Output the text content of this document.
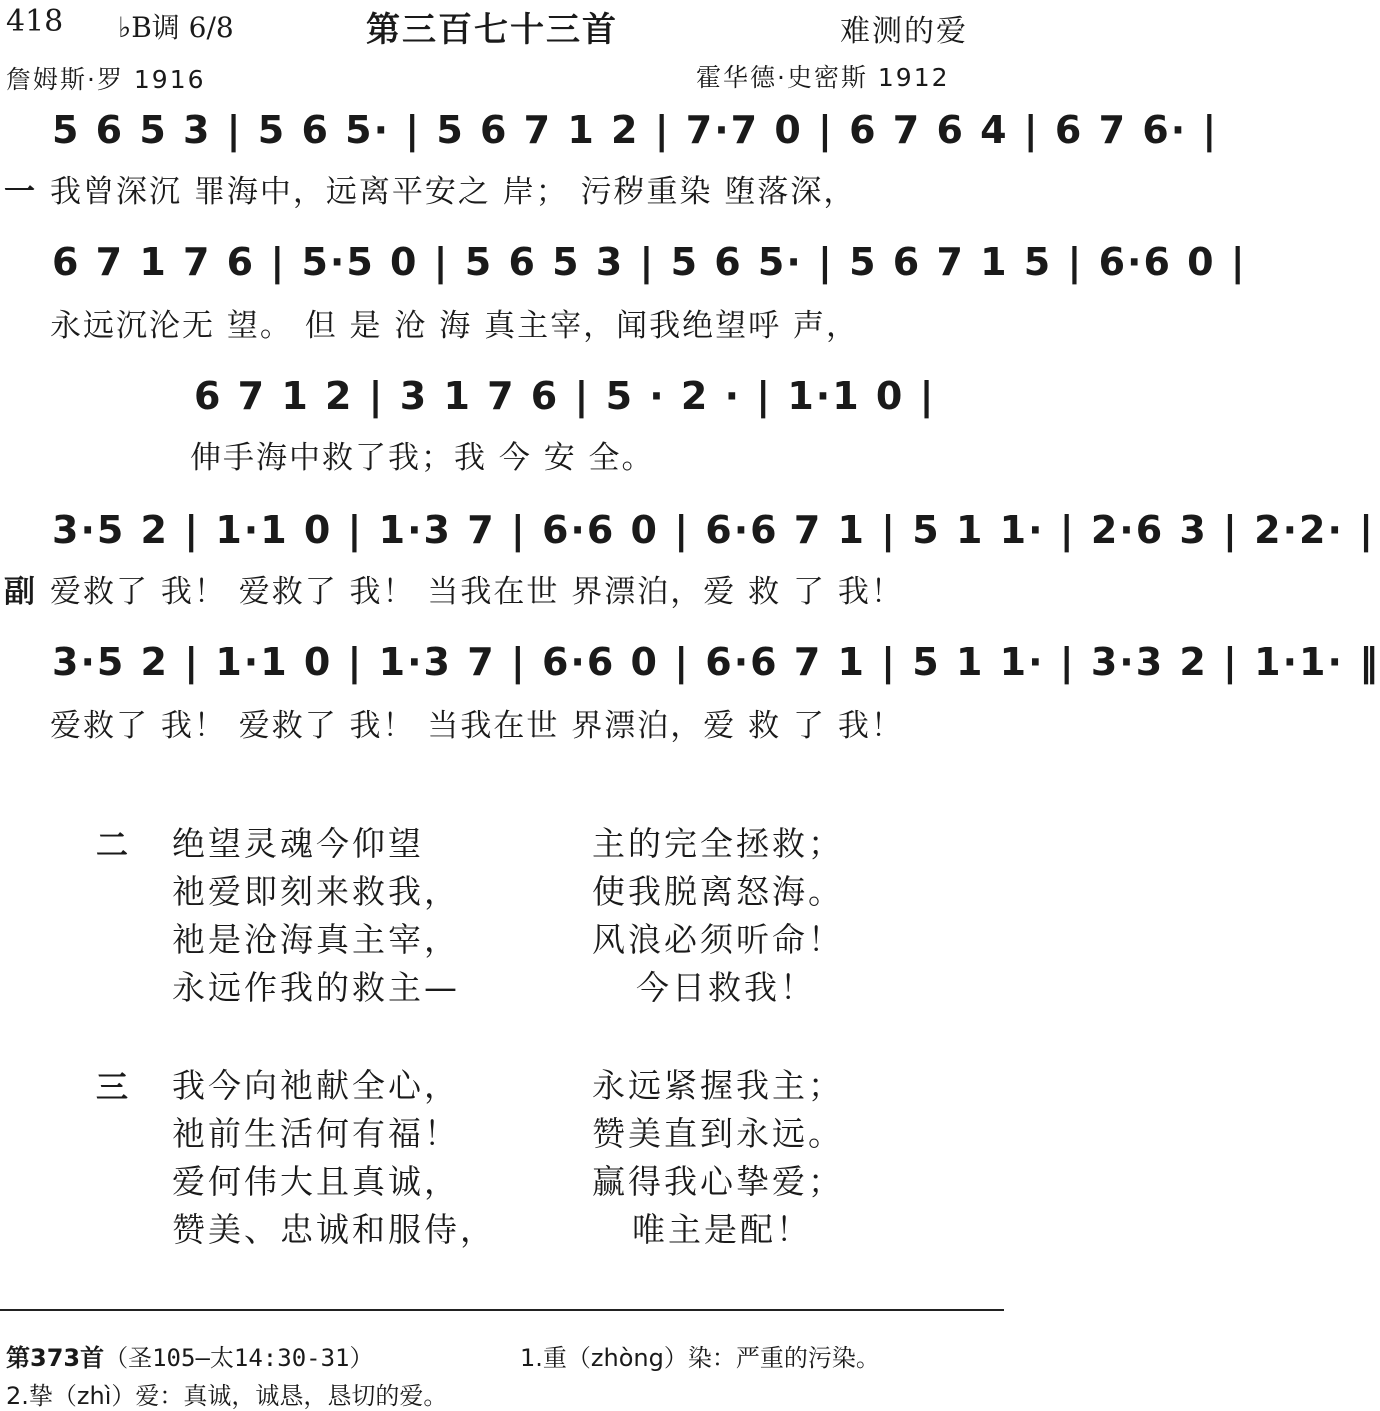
418 ♭B调 6/8	第三百七十三首	难测的爱
詹姆斯·罗 1916	霍华德·史密斯 1912
5 6 5 3 | 5 6 5· | 5 6 7 1 2 | 7·7 0 | 6 7 6 4 | 6 7 6· |
一 我曾深沉 罪海中，远离平安之 岸； 污秽重染 堕落深，
6 7 1 7 6 | 5·5 0 | 5 6 5 3 | 5 6 5· | 5 6 7 1 5 | 6·6 0 |
永远沉沦无 望。 但 是 沧 海 真主宰，闻我绝望呼 声，
6 7 1 2 | 3 1 7 6 | 5 · 2 · | 1·1 0 |
伸手海中救了我；我 今 安 全。
3·5 2 | 1·1 0 | 1·3 7 | 6·6 0 | 6·6 7 1 | 5 1 1· | 2·6 3 | 2·2· |
副 爱救了 我！ 爱救了 我！ 当我在世 界漂泊，爱 救 了 我！
3·5 2 | 1·1 0 | 1·3 7 | 6·6 0 | 6·6 7 1 | 5 1 1· | 3·3 2 | 1·1· ‖
爱救了 我！ 爱救了 我！ 当我在世 界漂泊，爱 救 了 我！
二 绝望灵魂今仰望	主的完全拯救；
祂爱即刻来救我，	使我脱离怒海。
祂是沧海真主宰，	风浪必须听命！
永远作我的救主—	今日救我！
三 我今向祂献全心，	永远紧握我主；
祂前生活何有福！	赞美直到永远。
爱何伟大且真诚，	赢得我心挚爱；
赞美、忠诚和服侍，	唯主是配！
第373首（圣105—太14:30-31）	1.重（zhòng）染：严重的污染。
2.挚（zhì）爱：真诚，诚恳，恳切的爱。
